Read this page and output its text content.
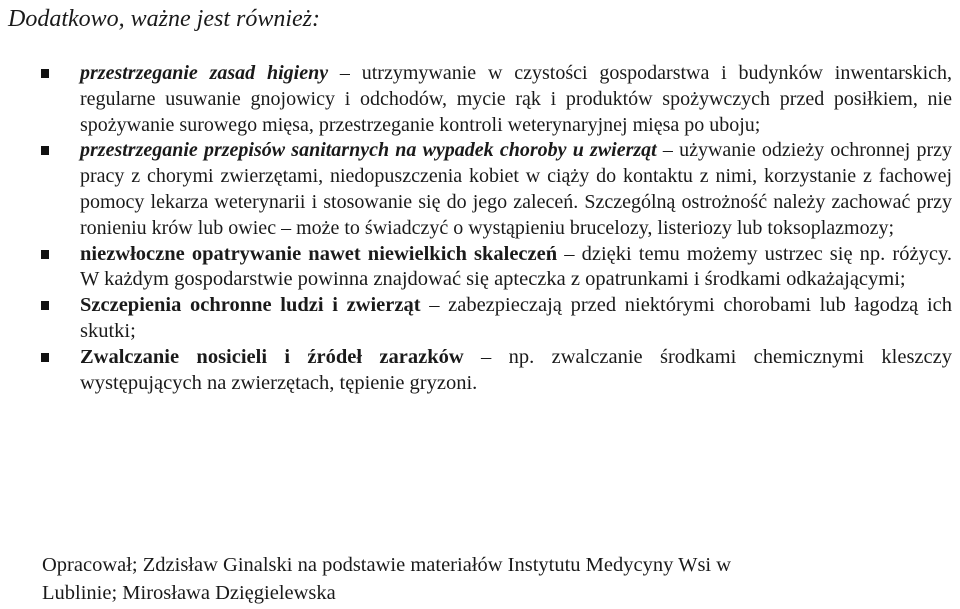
Dodatkowo, ważne jest również:
przestrzeganie zasad higieny – utrzymywanie w czystości gospodarstwa i budynków inwentarskich, regularne usuwanie gnojowicy i odchodów, mycie rąk i produktów spożywczych przed posiłkiem, nie spożywanie surowego mięsa, przestrzeganie kontroli weterynaryjnej mięsa po uboju;
przestrzeganie przepisów sanitarnych na wypadek choroby u zwierząt – używanie odzieży ochronnej przy pracy z chorymi zwierzętami, niedopuszczenia kobiet w ciąży do kontaktu z nimi, korzystanie z fachowej pomocy lekarza weterynarii i stosowanie się do jego zaleceń. Szczególną ostrożność należy zachować przy ronieniu krów lub owiec – może to świadczyć o wystąpieniu brucelozy, listeriozy lub toksoplazmozy;
niezwłoczne opatrywanie nawet niewielkich skaleczeń – dzięki temu możemy ustrzec się np. różycy. W każdym gospodarstwie powinna znajdować się apteczka z opatrunkami i środkami odkażającymi;
Szczepienia ochronne ludzi i zwierząt – zabezpieczają przed niektórymi chorobami lub łagodzą ich skutki;
Zwalczanie nosicieli i źródeł zarazków – np. zwalczanie środkami chemicznymi kleszczy występujących na zwierzętach, tępienie gryzoni.
Opracował; Zdzisław Ginalski na podstawie materiałów Instytutu Medycyny Wsi w
Lublinie; Mirosława Dzięgielewska
